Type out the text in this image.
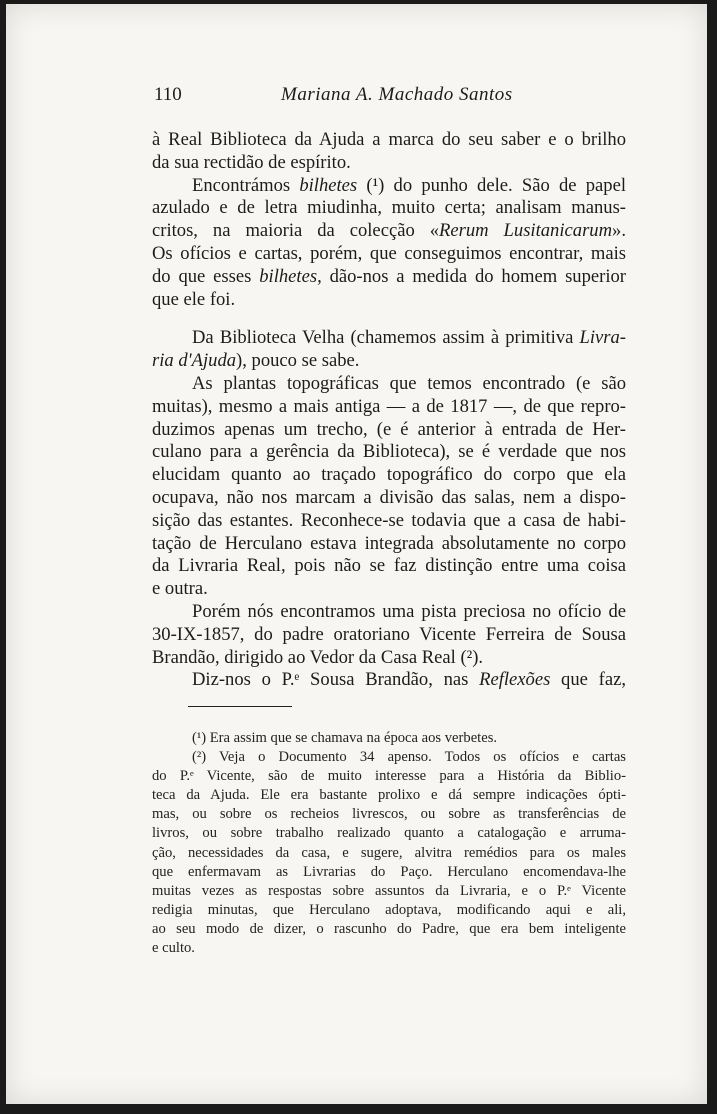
110	Mariana A. Machado Santos
à Real Biblioteca da Ajuda a marca do seu saber e o brilho
da sua rectidão de espírito.
Encontrámos bilhetes (¹) do punho dele. São de papel
azulado e de letra miudinha, muito certa; analisam manus-
critos, na maioria da colecção «Rerum Lusitanicarum».
Os ofícios e cartas, porém, que conseguimos encontrar, mais
do que esses bilhetes, dão-nos a medida do homem superior
que ele foi.
Da Biblioteca Velha (chamemos assim à primitiva Livra-
ria d'Ajuda), pouco se sabe.
As plantas topográficas que temos encontrado (e são
muitas), mesmo a mais antiga — a de 1817 —, de que repro-
duzimos apenas um trecho, (e é anterior à entrada de Her-
culano para a gerência da Biblioteca), se é verdade que nos
elucidam quanto ao traçado topográfico do corpo que ela
ocupava, não nos marcam a divisão das salas, nem a dispo-
sição das estantes. Reconhece-se todavia que a casa de habi-
tação de Herculano estava integrada absolutamente no corpo
da Livraria Real, pois não se faz distinção entre uma coisa
e outra.
Porém nós encontramos uma pista preciosa no ofício de
30-IX-1857, do padre oratoriano Vicente Ferreira de Sousa
Brandão, dirigido ao Vedor da Casa Real (²).
Diz-nos o P.ᵉ Sousa Brandão, nas Reflexões que faz,
(¹) Era assim que se chamava na época aos verbetes.
(²) Veja o Documento 34 apenso. Todos os ofícios e cartas
do P.ᵉ Vicente, são de muito interesse para a História da Biblio-
teca da Ajuda. Ele era bastante prolixo e dá sempre indicações ópti-
mas, ou sobre os recheios livrescos, ou sobre as transferências de
livros, ou sobre trabalho realizado quanto a catalogação e arruma-
ção, necessidades da casa, e sugere, alvitra remédios para os males
que enfermavam as Livrarias do Paço. Herculano encomendava-lhe
muitas vezes as respostas sobre assuntos da Livraria, e o P.ᵉ Vicente
redigia minutas, que Herculano adoptava, modificando aqui e ali,
ao seu modo de dizer, o rascunho do Padre, que era bem inteligente
e culto.
